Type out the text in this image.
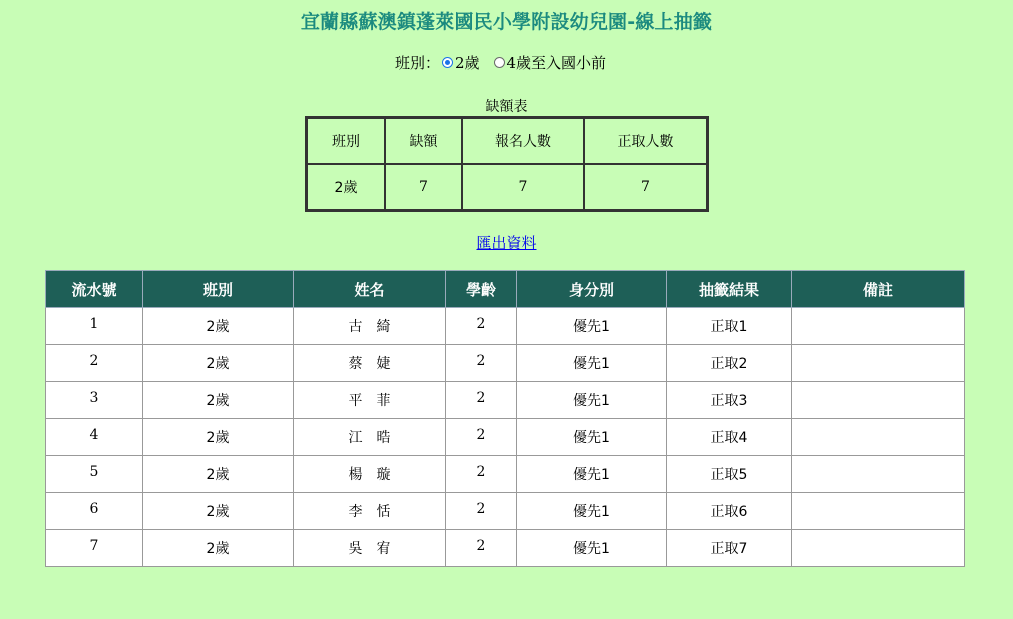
宜蘭縣蘇澳鎮蓬萊國民小學附設幼兒園-線上抽籤
班別： 2歲 4歲至入國小前
缺額表
班別	缺額	報名人數	正取人數
2歲	7	7	7
匯出資料
流水號	班別	姓名	學齡	身分別	抽籤結果	備註
1	2歲	古　綺	2	優先1	正取1	
2	2歲	蔡　婕	2	優先1	正取2	
3	2歲	平　菲	2	優先1	正取3	
4	2歲	江　晧	2	優先1	正取4	
5	2歲	楊　璇	2	優先1	正取5	
6	2歲	李　恬	2	優先1	正取6	
7	2歲	吳　宥	2	優先1	正取7	
